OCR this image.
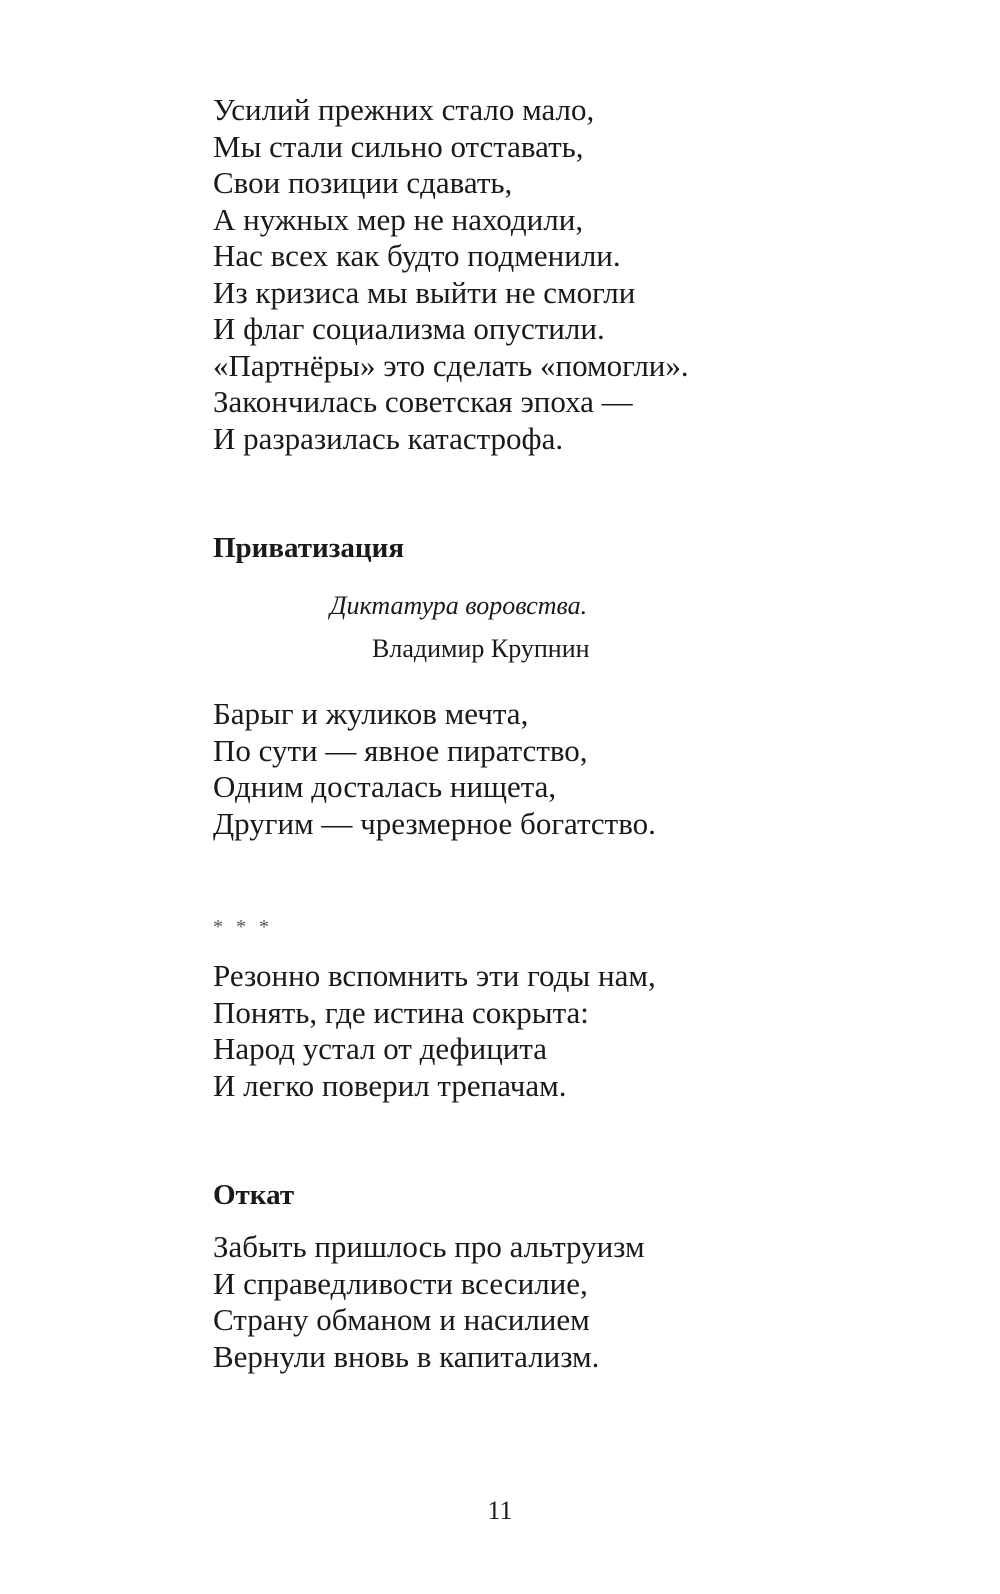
Усилий прежних стало мало,
Мы стали сильно отставать,
Свои позиции сдавать,
А нужных мер не находили,
Нас всех как будто подменили.
Из кризиса мы выйти не смогли
И флаг социализма опустили.
«Партнёры» это сделать «помогли».
Закончилась советская эпоха —
И разразилась катастрофа.
Приватизация

Диктатура воровства.

Владимир Крупнин

Барыг и жуликов мечта,
По сути — явное пиратство,
Одним досталась нищета,
Другим — чрезмерное богатство.

* * *

Резонно вспомнить эти годы нам,
Понять, где истина сокрыта:
Народ устал от дефицита
И легко поверил трепачам.
Откат
Забыть пришлось про альтруизм
И справедливости всесилие,
Страну обманом и насилием
Вернули вновь в капитализм.
11
